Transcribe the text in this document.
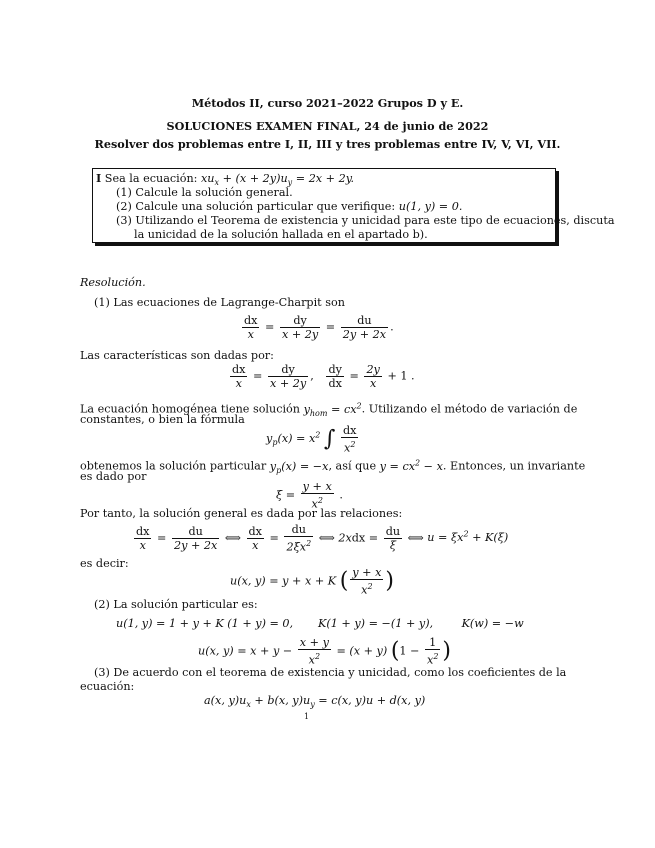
Métodos II, curso 2021–2022 Grupos D y E.
SOLUCIONES EXAMEN FINAL, 24 de junio de 2022
Resolver dos problemas entre I, II, III y tres problemas entre IV, V, VI, VII.
I Sea la ecuación: $xu_x + (x + 2y)u_y = 2x + 2y$.
(1) Calcule la solución general.
(2) Calcule una solución particular que verifique: u(1, y) = 0.
(3) Utilizando el Teorema de existencia y unicidad para este tipo de ecuaciones, discuta
la unicidad de la solución hallada en el apartado b).
Resolución.
(1) Las ecuaciones de Lagrange-Charpit son
$\frac{dx}{x} = \frac{dy}{x + 2y} = \frac{du}{2y + 2x}$ .
Las características son dadas por:
$\frac{dx}{x} = \frac{dy}{x + 2y}$ , $\frac{dy}{dx} = \frac{2y}{x} + 1$ .
La ecuación homogénea tiene solución $y_{hom} = cx^2$. Utilizando el método de variación de
constantes, o bien la fórmula
$y_p(x) = x^2$ ∫ $\frac{dx}{x^2}$
obtenemos la solución particular $y_p(x) = -x$, así que $y = cx^2 - x$. Entonces, un invariante
es dado por
$\xi = \frac{y + x}{x^2}$ .
Por tanto, la solución general es dada por las relaciones:
$\frac{dx}{x} = \frac{du}{2y + 2x}$ ⟺ $\frac{dx}{x} = \frac{du}{2\xi x^2}$ ⟺ $2xdx = \frac{du}{\xi}$ ⟺ $u = \xi x^2 + K(\xi)$
es decir:
u(x, y) = y + x + K ( $\frac{y + x}{x^2}$ )
(2) La solución particular es:
u(1, y) = 1 + y + K (1 + y) = 0, K(1 + y) = −(1 + y),	K(w) = −w
u(x, $y) = x + y - \frac{x + y}{x^2} = (x + y) (1 - \frac{1}{x^2}$ )
(3) De acuerdo con el teorema de existencia y unicidad, como los coeficientes de la
ecuación:
a(x, $y)u_x + b(x$, $y)u_y = c(x$, y)u + d(x, y)
1
